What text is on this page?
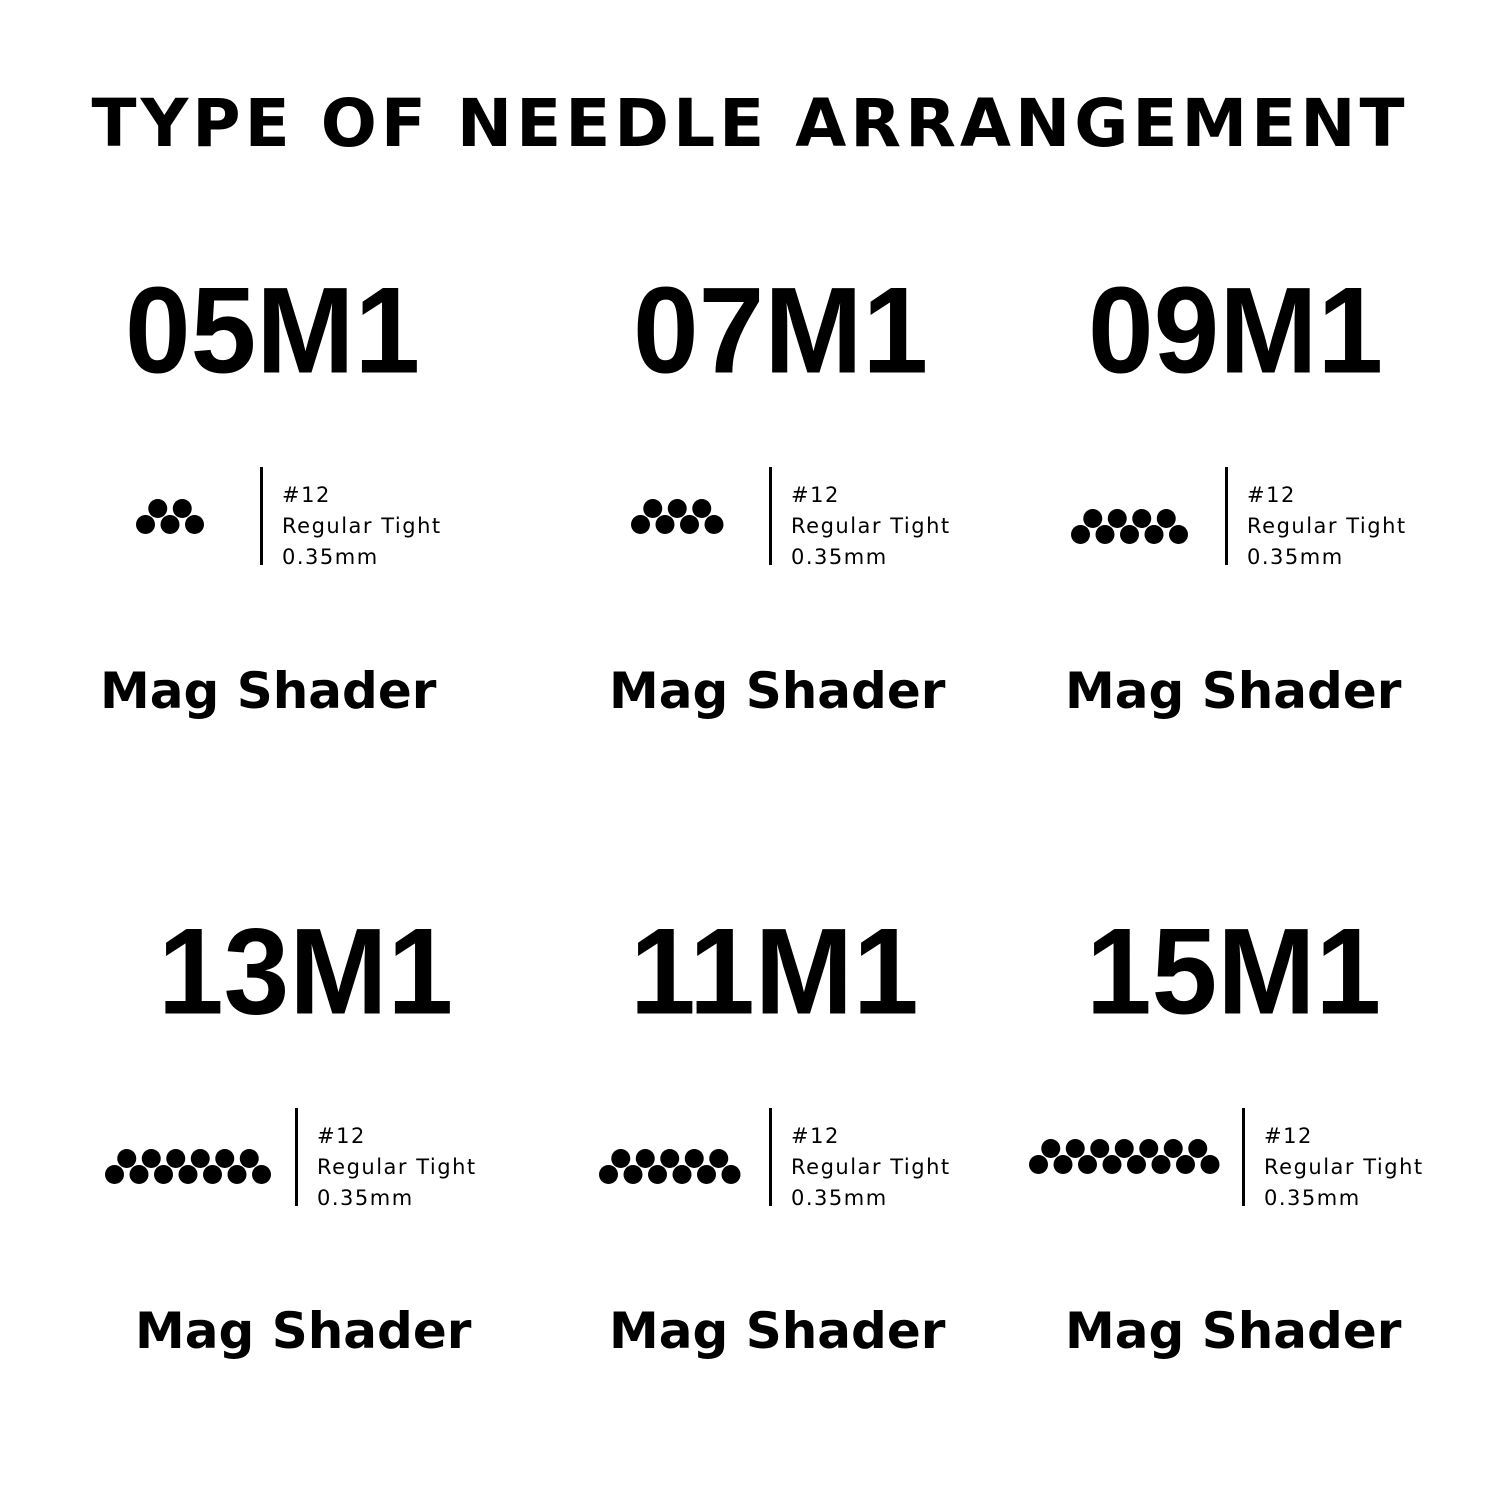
TYPE OF NEEDLE ARRANGEMENT
05M1
#12
Regular Tight
0.35mm
Mag Shader
07M1
#12
Regular Tight
0.35mm
Mag Shader
09M1
#12
Regular Tight
0.35mm
Mag Shader
13M1
#12
Regular Tight
0.35mm
Mag Shader
11M1
#12
Regular Tight
0.35mm
Mag Shader
15M1
#12
Regular Tight
0.35mm
Mag Shader
